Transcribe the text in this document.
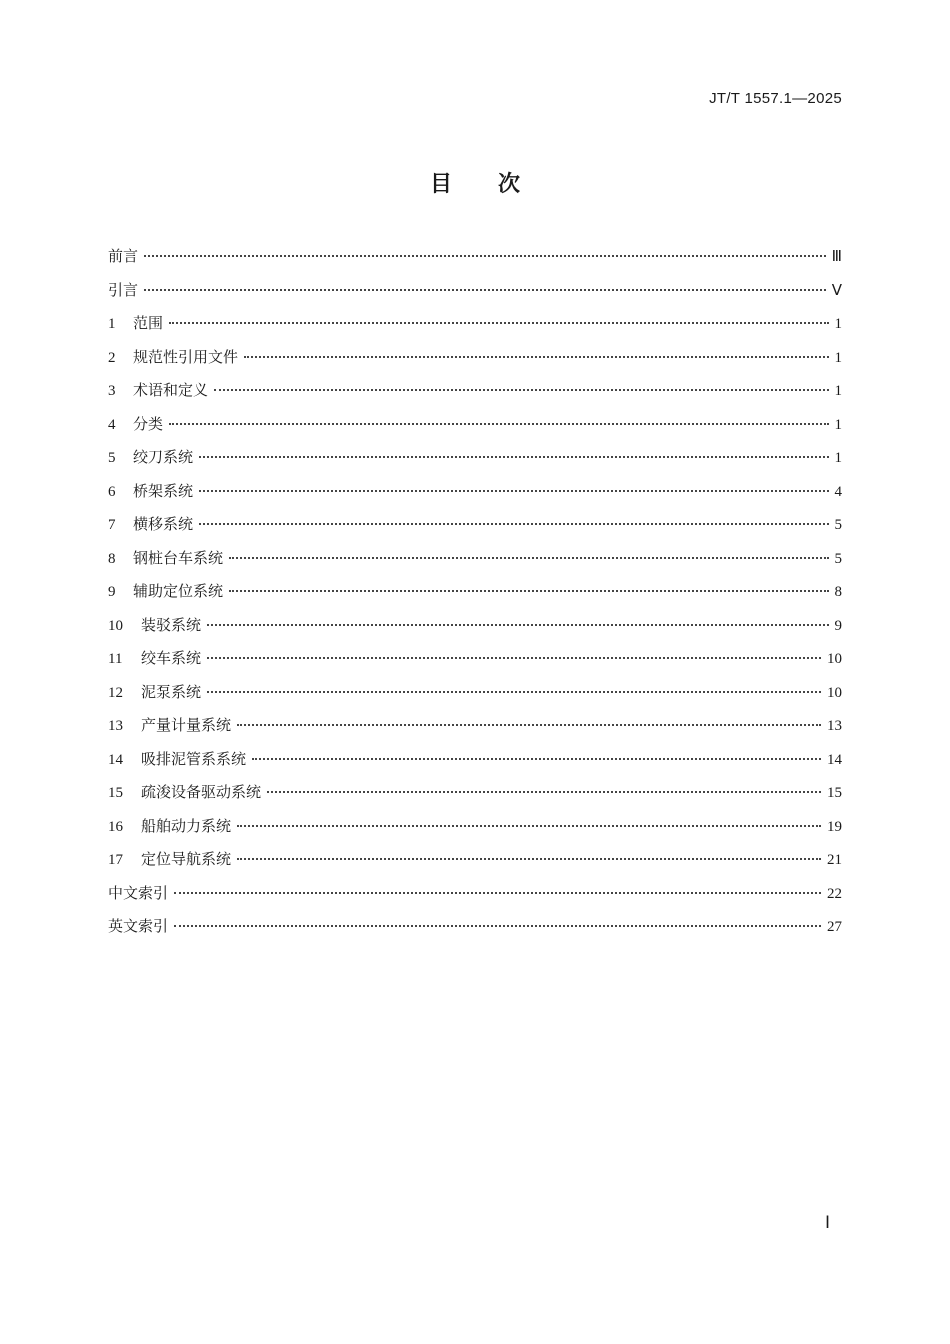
JT/T 1557.1—2025
目次
前言	Ⅲ
引言	Ⅴ
1	范围	1
2	规范性引用文件	1
3	术语和定义	1
4	分类	1
5	绞刀系统	1
6	桥架系统	4
7	横移系统	5
8	钢桩台车系统	5
9	辅助定位系统	8
10	装驳系统	9
11	绞车系统	10
12	泥泵系统	10
13	产量计量系统	13
14	吸排泥管系系统	14
15	疏浚设备驱动系统	15
16	船舶动力系统	19
17	定位导航系统	21
中文索引	22
英文索引	27
Ⅰ
